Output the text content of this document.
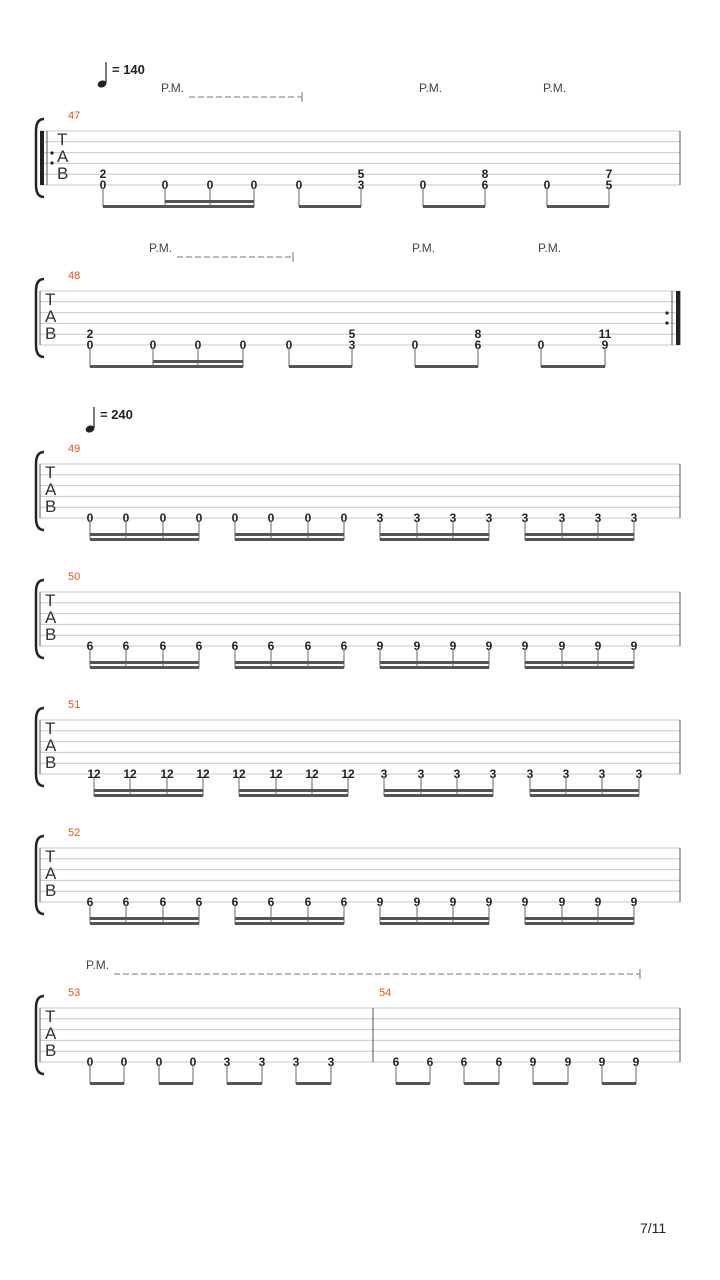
T
A
B
= 140
P.M.	P.M.	P.M.
47
2
0	0	0	0	0
5
3	0
8
6	0
7
5
T
A
B
P.M.	P.M.	P.M.
48
2
0	0	0	0	0
5
3	0
8
6	0
11
9
T
A
B
= 240
49
0 0	0 0 0 0	0 0 3	3 3 3 3	3 3 3
T
A
B
50
6 6	6 6 6 6	6 6 9	9 9 9 9	9 9 9
T
A
B
51
12 12 12 12 12 12 12 12 3	3 3 3	3 3 3	3
T
A
B
52
6 6	6 6 6 6	6 6 9	9 9 9 9	9 9 9
T
A
B
P.M.
53
0 0 0 0 3 3 3 3
54
6 6 6 6 9 9 9 9
7/11
